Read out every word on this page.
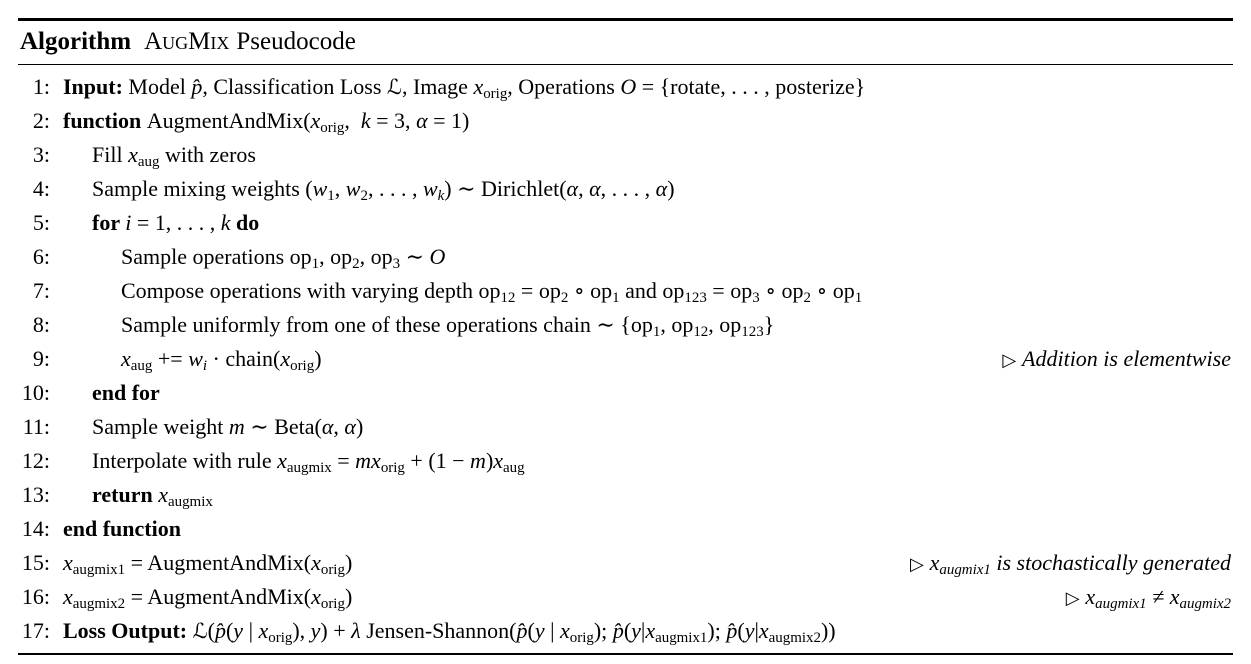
Algorithm AugMix Pseudocode
1: Input: Model p̂, Classification Loss ℒ, Image xorig, Operations O = {rotate, . . . , posterize}
2: function AugmentAndMix(xorig,  k = 3, α = 1)
3:	Fill xaug with zeros
4:	Sample mixing weights (w1, w2, . . . , wk) ∼ Dirichlet(α, α, . . . , α)
5:	for i = 1, . . . , k do
6:	Sample operations op1, op2, op3 ∼ O
7:	Compose operations with varying depth op12 = op2 ∘ op1 and op123 = op3 ∘ op2 ∘ op1
8:	Sample uniformly from one of these operations chain ∼ {op1, op12, op123}
9:	xaug += wi · chain(xorig)	▷ Addition is elementwise
10:	end for
11:	Sample weight m ∼ Beta(α, α)
12:	Interpolate with rule xaugmix = mxorig + (1 − m)xaug
13:	return xaugmix
14: end function
15: xaugmix1 = AugmentAndMix(xorig)	▷ xaugmix1 is stochastically generated
16: xaugmix2 = AugmentAndMix(xorig)	▷ xaugmix1 ≠ xaugmix2
17: Loss Output: ℒ(p̂(y | xorig), y) + λ Jensen-Shannon(p̂(y | xorig); p̂(y|xaugmix1); p̂(y|xaugmix2))
